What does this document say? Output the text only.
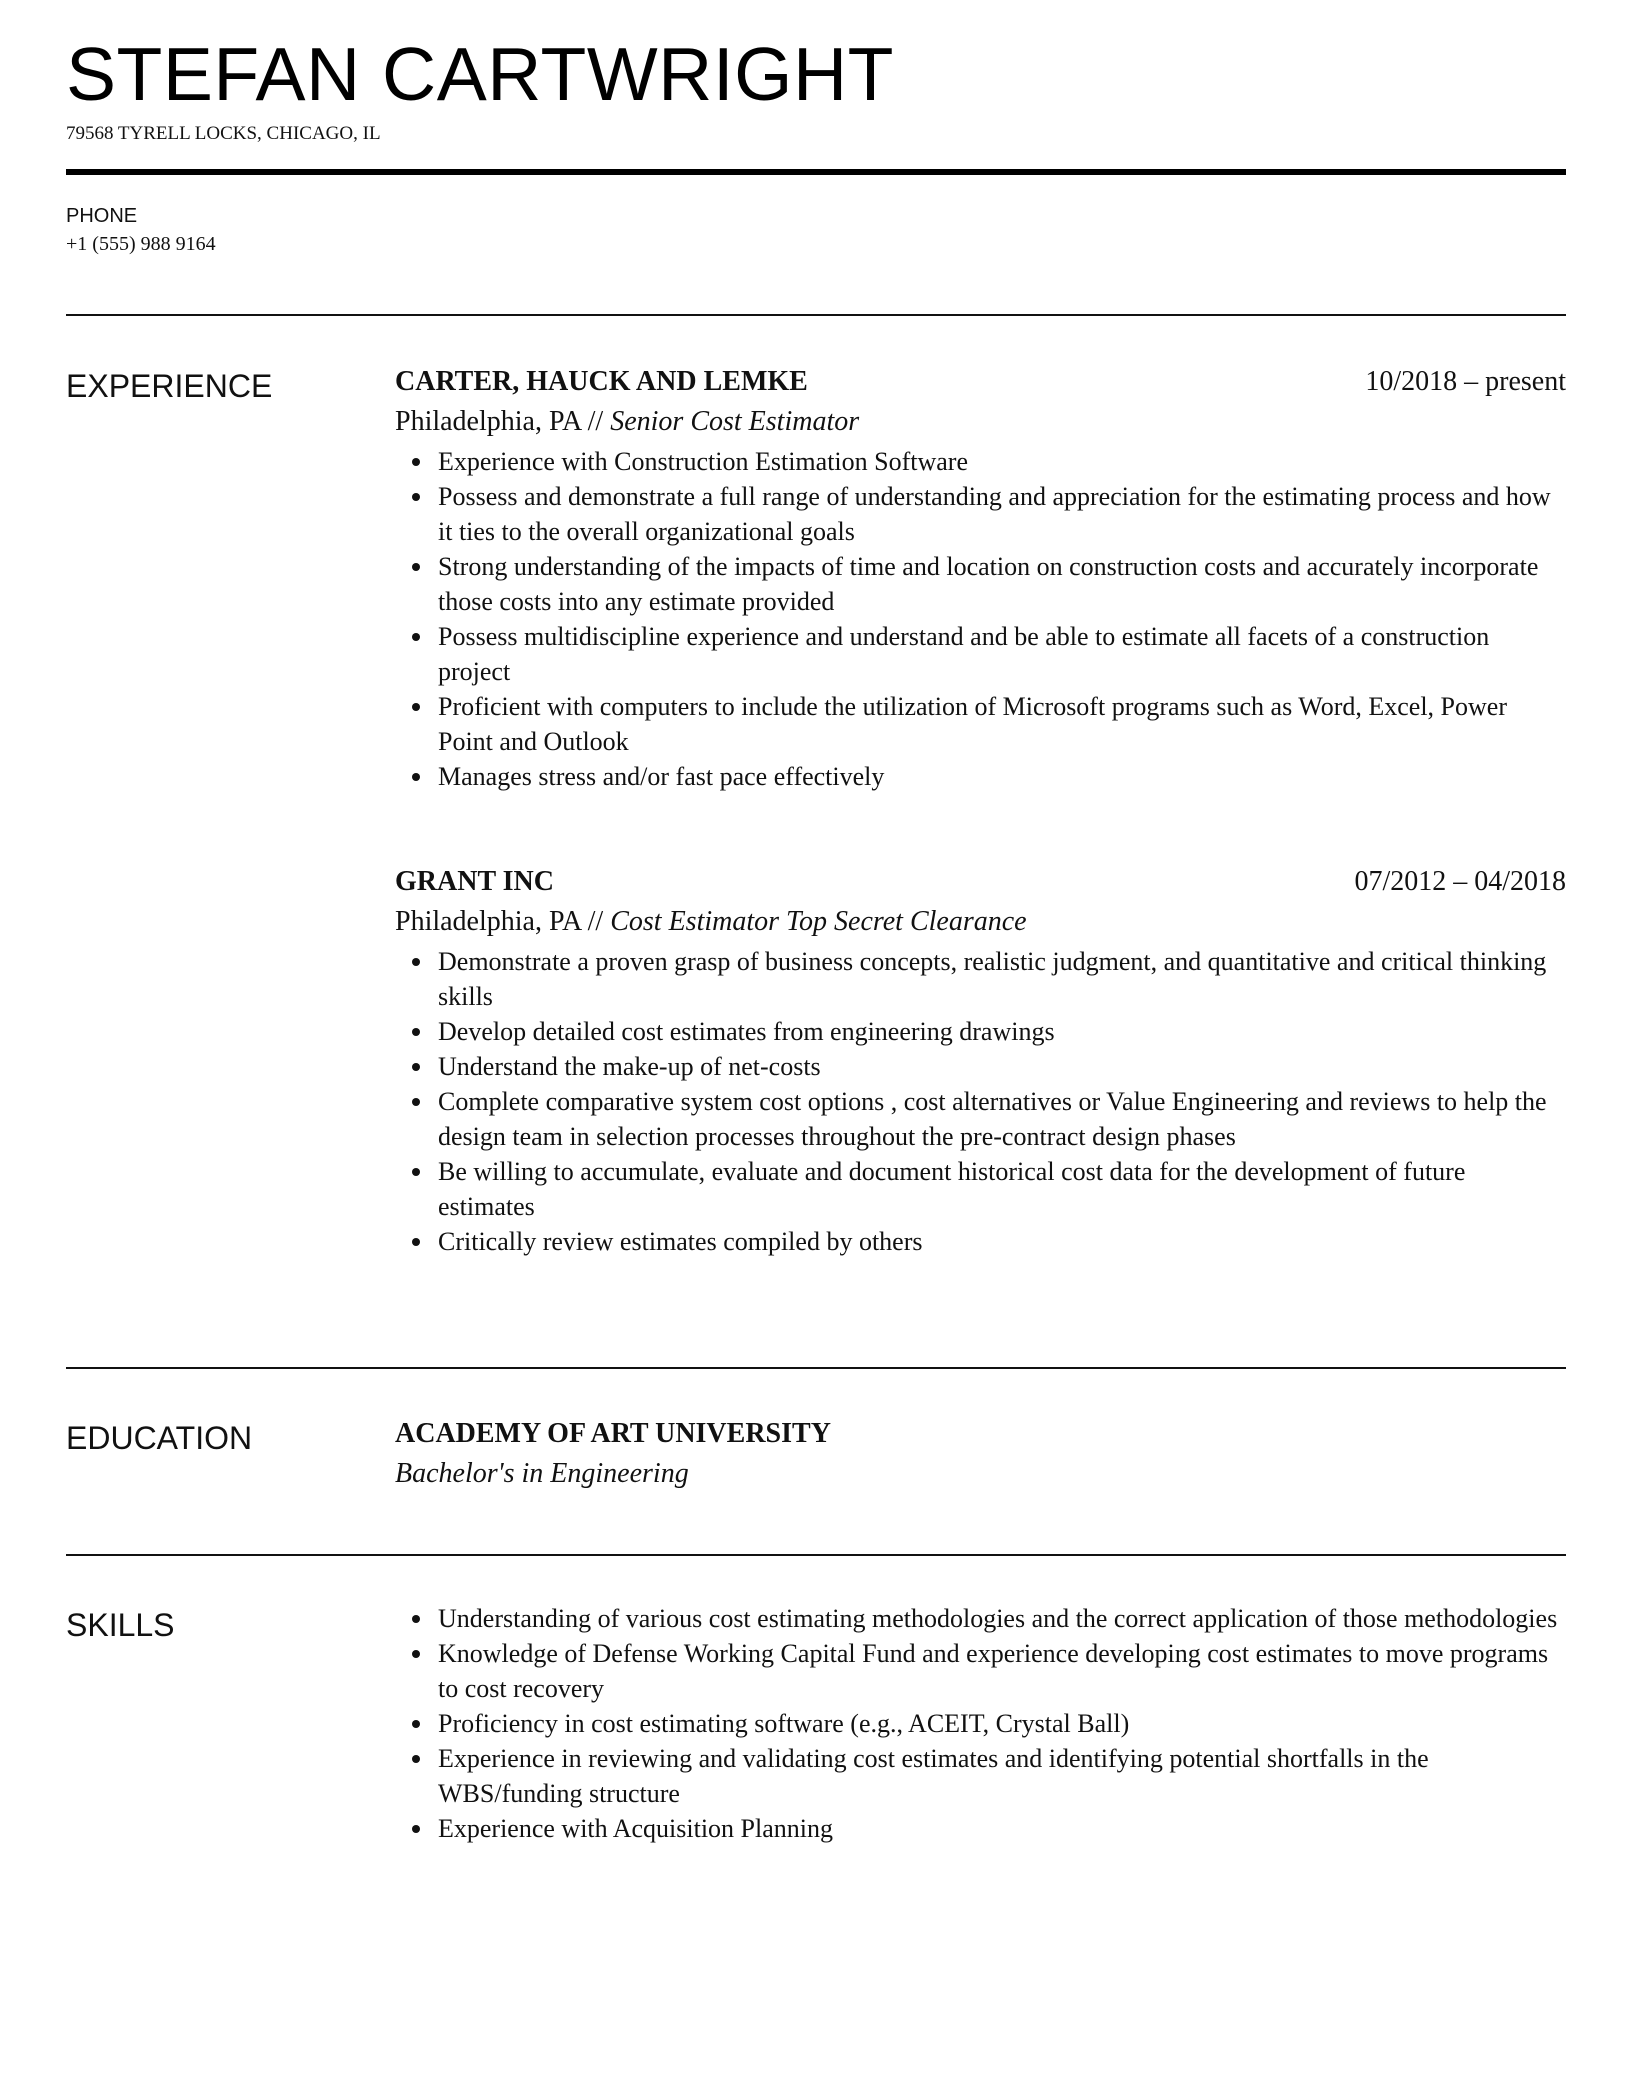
STEFAN CARTWRIGHT
79568 TYRELL LOCKS, CHICAGO, IL
PHONE
+1 (555) 988 9164
EXPERIENCE	CARTER, HAUCK AND LEMKE	10/2018 – present
Philadelphia, PA // Senior Cost Estimator
Experience with Construction Estimation Software
Possess and demonstrate a full range of understanding and appreciation for the estimating process and how it ties to the overall organizational goals
Strong understanding of the impacts of time and location on construction costs and accurately incorporate those costs into any estimate provided
Possess multidiscipline experience and understand and be able to estimate all facets of a construction project
Proficient with computers to include the utilization of Microsoft programs such as Word, Excel, Power Point and Outlook
Manages stress and/or fast pace effectively
GRANT INC	07/2012 – 04/2018
Philadelphia, PA // Cost Estimator Top Secret Clearance
Demonstrate a proven grasp of business concepts, realistic judgment, and quantitative and critical thinking skills
Develop detailed cost estimates from engineering drawings
Understand the make-up of net-costs
Complete comparative system cost options , cost alternatives or Value Engineering and reviews to help the design team in selection processes throughout the pre-contract design phases
Be willing to accumulate, evaluate and document historical cost data for the development of future estimates
Critically review estimates compiled by others
EDUCATION	ACADEMY OF ART UNIVERSITY
Bachelor's in Engineering
SKILLS	Understanding of various cost estimating methodologies and the correct application of those methodologies
Knowledge of Defense Working Capital Fund and experience developing cost estimates to move programs to cost recovery
Proficiency in cost estimating software (e.g., ACEIT, Crystal Ball)
Experience in reviewing and validating cost estimates and identifying potential shortfalls in the WBS/funding structure
Experience with Acquisition Planning
